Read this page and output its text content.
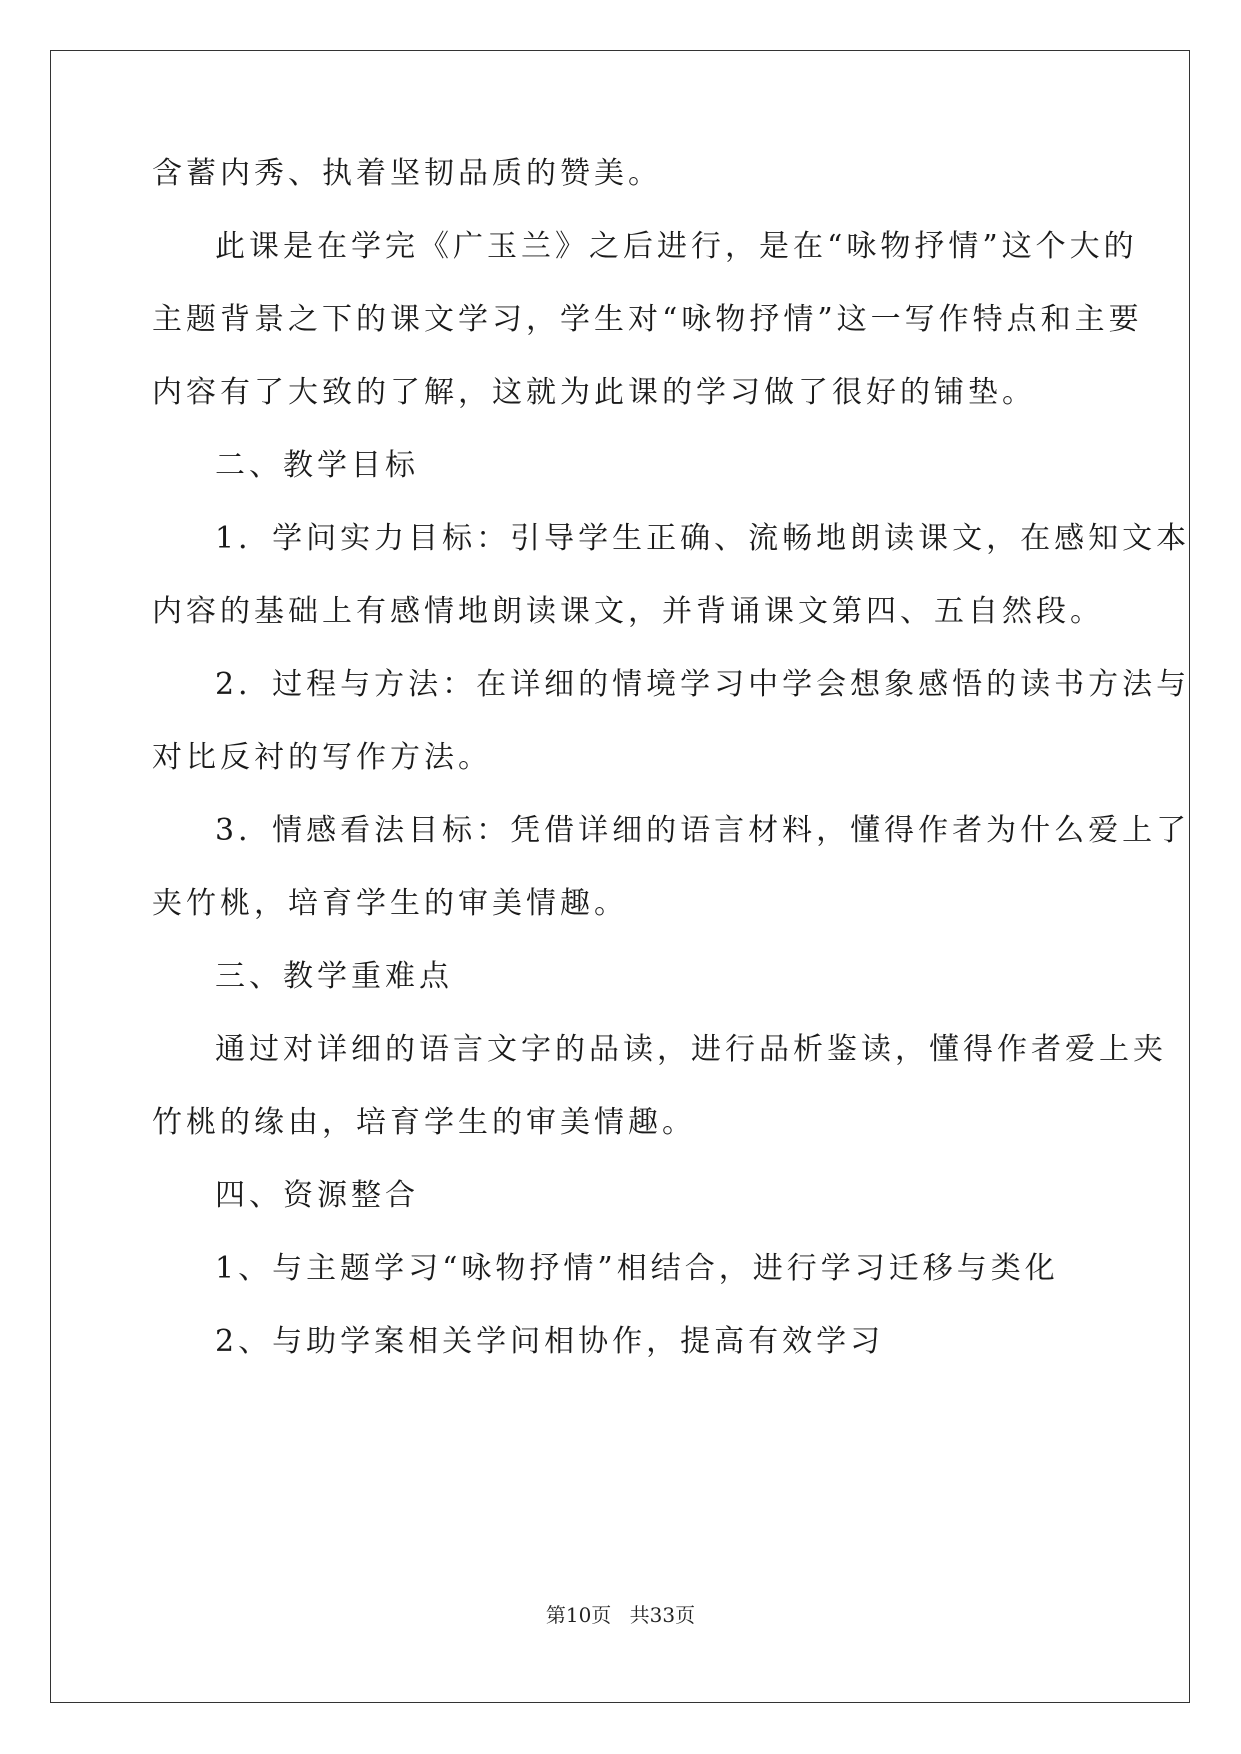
含蓄内秀、执着坚韧品质的赞美。
此课是在学完《广玉兰》之后进行，是在“咏物抒情”这个大的
主题背景之下的课文学习，学生对“咏物抒情”这一写作特点和主要
内容有了大致的了解，这就为此课的学习做了很好的铺垫。
二、教学目标
1．学问实力目标：引导学生正确、流畅地朗读课文，在感知文本
内容的基础上有感情地朗读课文，并背诵课文第四、五自然段。
2．过程与方法：在详细的情境学习中学会想象感悟的读书方法与
对比反衬的写作方法。
3．情感看法目标：凭借详细的语言材料，懂得作者为什么爱上了
夹竹桃，培育学生的审美情趣。
三、教学重难点
通过对详细的语言文字的品读，进行品析鉴读，懂得作者爱上夹
竹桃的缘由，培育学生的审美情趣。
四、资源整合
1、与主题学习“咏物抒情”相结合，进行学习迁移与类化
2、与助学案相关学问相协作，提高有效学习
第10页 共33页
